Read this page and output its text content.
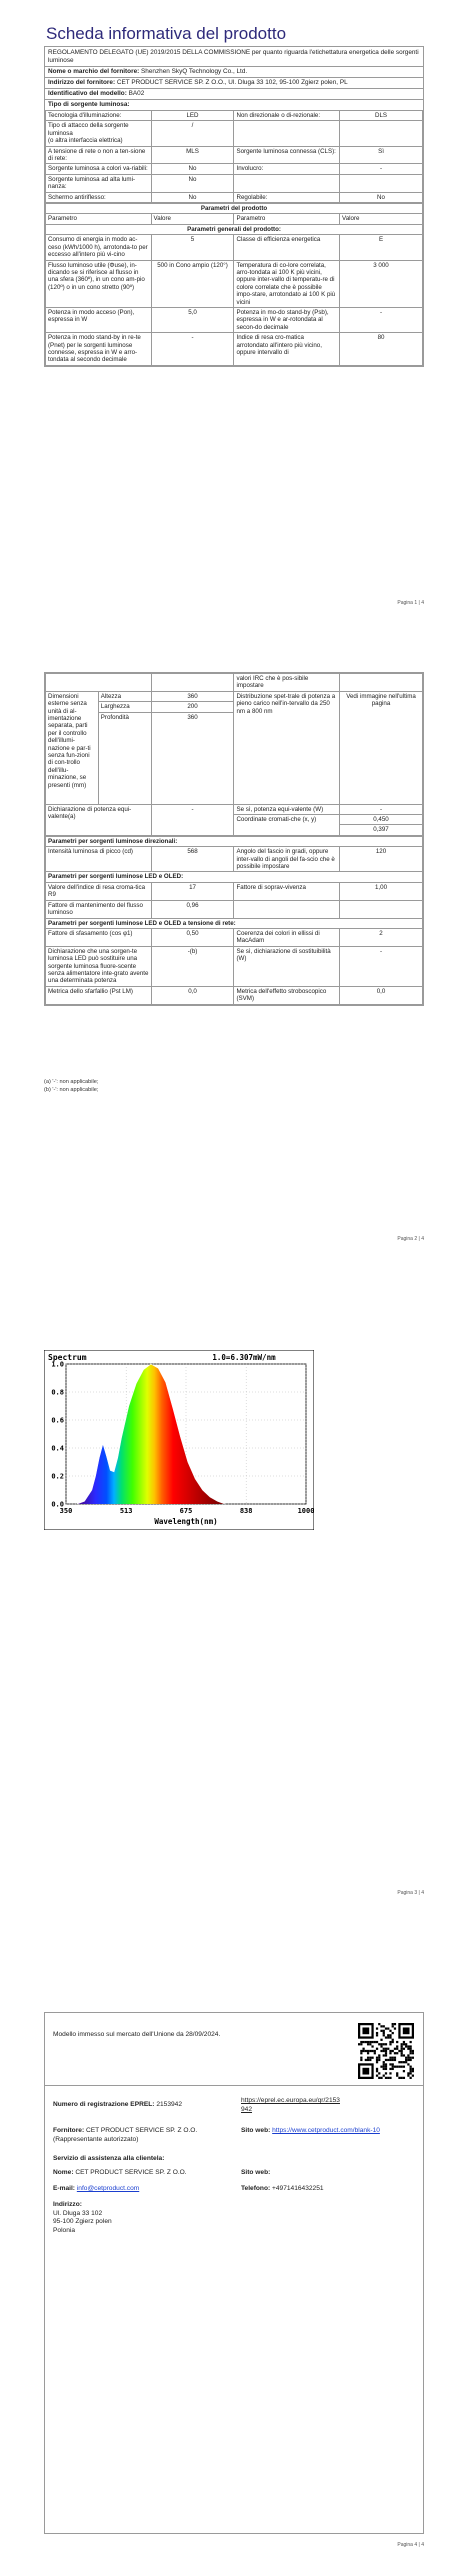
Scheda informativa del prodotto
REGOLAMENTO DELEGATO (UE) 2019/2015 DELLA COMMISSIONE per quanto riguarda l'etichettatura energetica delle sorgenti luminose
Nome o marchio del fornitore: Shenzhen SkyQ Technology Co., Ltd.
Indirizzo del fornitore: CET PRODUCT SERVICE SP. Z O.O., Ul. Dluga 33 102, 95-100 Zgierz polen, PL
Identificativo del modello: BA02
Tipo di sorgente luminosa:
Tecnologia d'illuminazione:	LED	Non direzionale o di-rezionale:	DLS
Tipo di attacco della sorgente luminosa
(o altra interfaccia elettrica)	/		
A tensione di rete o non a ten-sione di rete:	MLS	Sorgente luminosa connessa (CLS):	Sì
Sorgente luminosa a colori va-riabili:	No	Involucro:	-
Sorgente luminosa ad alta lumi-nanza:	No		
Schermo antiriflesso:	No	Regolabile:	No
Parametri del prodotto			
Parametro	Valore	Parametro	Valore
Parametri generali del prodotto:			
Consumo di energia in modo ac-ceso (kWh/1000 h), arrotonda-to per eccesso all'intero più vi-cino	5	Classe di efficienza energetica	E
Flusso luminoso utile (Φuse), in-dicando se si riferisce al flusso in una sfera (360º), in un cono am-pio (120º) o in un cono stretto (90º)	500 in Cono ampio (120°)	Temperatura di co-lore correlata, arro-tondata ai 100 K più vicini, oppure inter-vallo di temperatu-re di colore correlate che è possibile impo-stare, arrotondato ai 100 K più vicini	3 000
Potenza in modo acceso (Pon), espressa in W	5,0	Potenza in mo-do stand-by (Psb), espressa in W e ar-rotondata al secon-do decimale	-
Potenza in modo stand-by in re-te (Pnet) per le sorgenti luminose connesse, espressa in W e arro-tondata al secondo decimale	-	Indice di resa cro-matica arrotondato all'intero più vicino, oppure intervallo di	80
Pagina 1 | 4
			valori IRC che è pos-sibile impostare	
Dimensioni esterne senza unità di al-imentazione separata, parti per il controllo dell'illumi-nazione e par-ti senza fun-zioni di con-trollo dell'illu-minazione, se presenti (mm)	Altezza	360	Distribuzione spet-trale di potenza a pieno carico nell'in-tervallo da 250 nm a 800 nm	Vedi immagine nell'ultima pagina
	Larghezza	200		
	Profondità	360		
Dichiarazione di potenza equi-valente(a)		-	Se sì, potenza equi-valente (W)	-
			Coordinate cromati-che (x, y)	0,450
				0,397
Parametri per sorgenti luminose direzionali:			
Intensità luminosa di picco (cd)	568	Angolo del fascio in gradi, oppure inter-vallo di angoli del fa-scio che è possibile impostare	120
Parametri per sorgenti luminose LED e OLED:			
Valore dell'indice di resa croma-tica R9	17	Fattore di soprav-vivenza	1,00
Fattore di mantenimento del flusso luminoso	0,96		
Parametri per sorgenti luminose LED e OLED a tensione di rete:			
Fattore di sfasamento (cos φ1)	0,50	Coerenza dei colori in ellissi di MacAdam	2
Dichiarazione che una sorgen-te luminosa LED può sostituire una sorgente luminosa fluore-scente senza alimentatore inte-grato avente una determinata potenza	-(b)	Se sì, dichiarazione di sostituibilità (W)	-
Metrica dello sfarfallio (Pst LM)	0,0	Metrica dell'effetto stroboscopico (SVM)	0,0
(a) '-': non applicabile;
(b) '-': non applicabile;
Pagina 2 | 4
350	513	675	838	1000
0.0
0.2
0.4
0.6
0.8
1.0
Spectrum	1.0=6.307mW/nm
Wavelength(nm)
Pagina 3 | 4
Modello immesso sul mercato dell'Unione da 28/09/2024.
Numero di registrazione EPREL: 2153942
https://eprel.ec.europa.eu/qr/2153942
Fornitore: CET PRODUCT SERVICE SP. Z O.O. (Rappresentante autorizzato)
Sito web: https://www.cetproduct.com/blank-10
Servizio di assistenza alla clientela:
Nome: CET PRODUCT SERVICE SP. Z O.O.	Sito web:
E-mail: info@cetproduct.com	Telefono: +4971416432251
Indirizzo:
Ul. Dluga 33 102
95-100 Zgierz polen
Polonia
Pagina 4 | 4
